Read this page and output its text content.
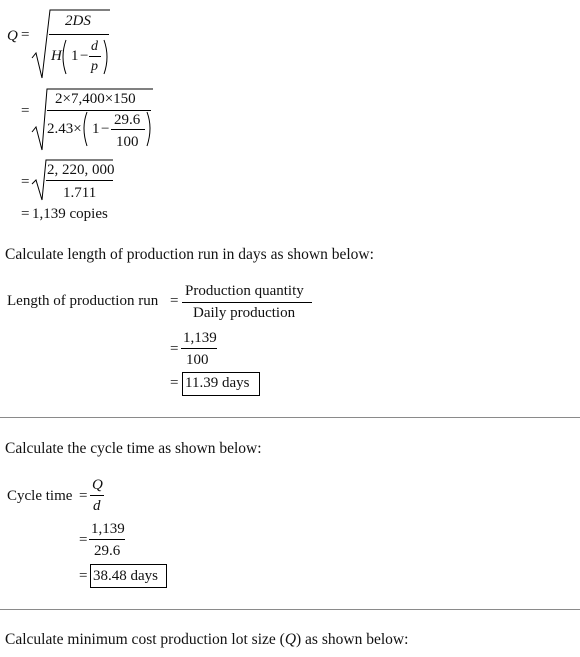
Q =
2DS
H 1 −
d
p
=
2×7,400×150
2.43× 1 −
29.6
100
=
2, 220, 000
1.711
= 1,139 copies
Calculate length of production run in days as shown below:
Length of production run =
Production quantity
Daily production
=
1,139
100
= 11.39 days
Calculate the cycle time as shown below:
Cycle time =
Q
d
=
1,139
29.6
= 38.48 days
Calculate minimum cost production lot size (Q) as shown below:
